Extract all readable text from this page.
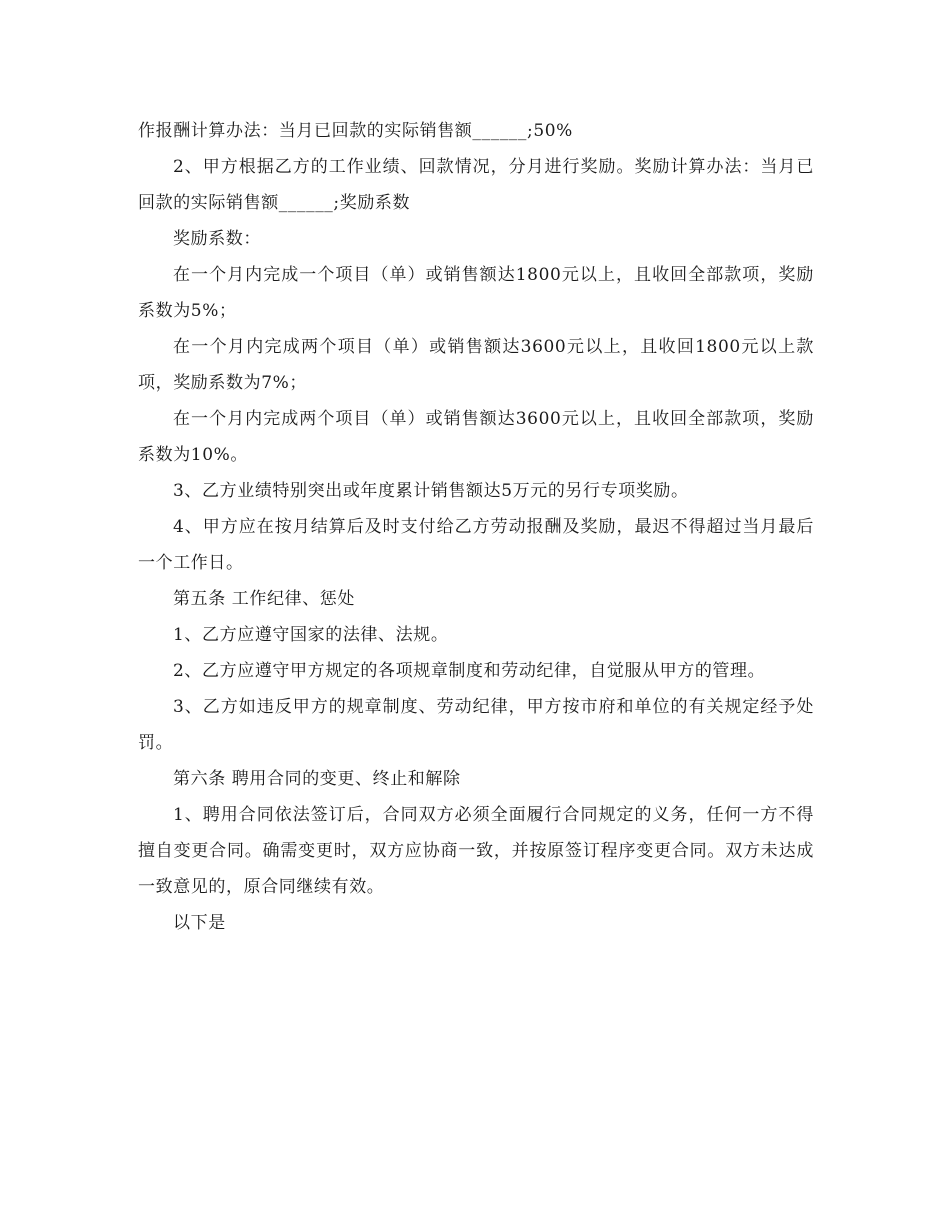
作报酬计算办法：当月已回款的实际销售额______;50%

2、甲方根据乙方的工作业绩、回款情况，分月进行奖励。奖励计算办法：当月已回款的实际销售额______;奖励系数

奖励系数：

在一个月内完成一个项目（单）或销售额达1800元以上，且收回全部款项，奖励系数为5%；

在一个月内完成两个项目（单）或销售额达3600元以上，且收回1800元以上款项，奖励系数为7%；

在一个月内完成两个项目（单）或销售额达3600元以上，且收回全部款项，奖励系数为10%。

3、乙方业绩特别突出或年度累计销售额达5万元的另行专项奖励。

4、甲方应在按月结算后及时支付给乙方劳动报酬及奖励，最迟不得超过当月最后一个工作日。

第五条 工作纪律、惩处

1、乙方应遵守国家的法律、法规。

2、乙方应遵守甲方规定的各项规章制度和劳动纪律，自觉服从甲方的管理。

3、乙方如违反甲方的规章制度、劳动纪律，甲方按市府和单位的有关规定经予处罚。

第六条 聘用合同的变更、终止和解除

1、聘用合同依法签订后，合同双方必须全面履行合同规定的义务，任何一方不得擅自变更合同。确需变更时，双方应协商一致，并按原签订程序变更合同。双方未达成一致意见的，原合同继续有效。

以下是
